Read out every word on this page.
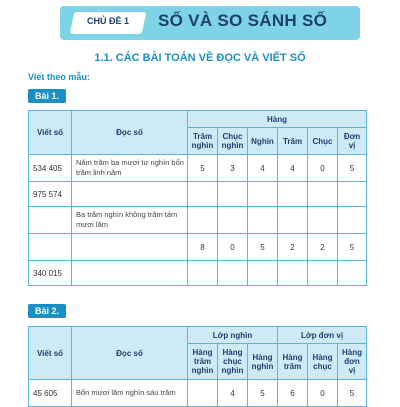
CHỦ ĐỀ 1	SỐ VÀ SO SÁNH SỐ
1.1. CÁC BÀI TOÁN VỀ ĐỌC VÀ VIẾT SỐ
Viết theo mẫu:
Bài 1.
Viết số	Đọc số	Hàng					
		Trăm nghìn	Chục nghìn	Nghìn	Trăm	Chục	Đơn vị
534 405	Năm trăm ba mươi tư nghìn bốn trăm linh năm	5	3	4	4	0	5
975 574							
	Ba trăm nghìn không trăm tám mươi lăm						
		8	0	5	2	2	5
340 015							
Bài 2.
Viết số	Đọc số	Lớp nghìn			Lớp đơn vị		
		Hàng trăm nghìn	Hàng chục nghìn	Hàng nghìn	Hàng trăm	Hàng chục	Hàng đơn vị
45 605	Bốn mươi lăm nghìn sáu trăm		4	5	6	0	5
